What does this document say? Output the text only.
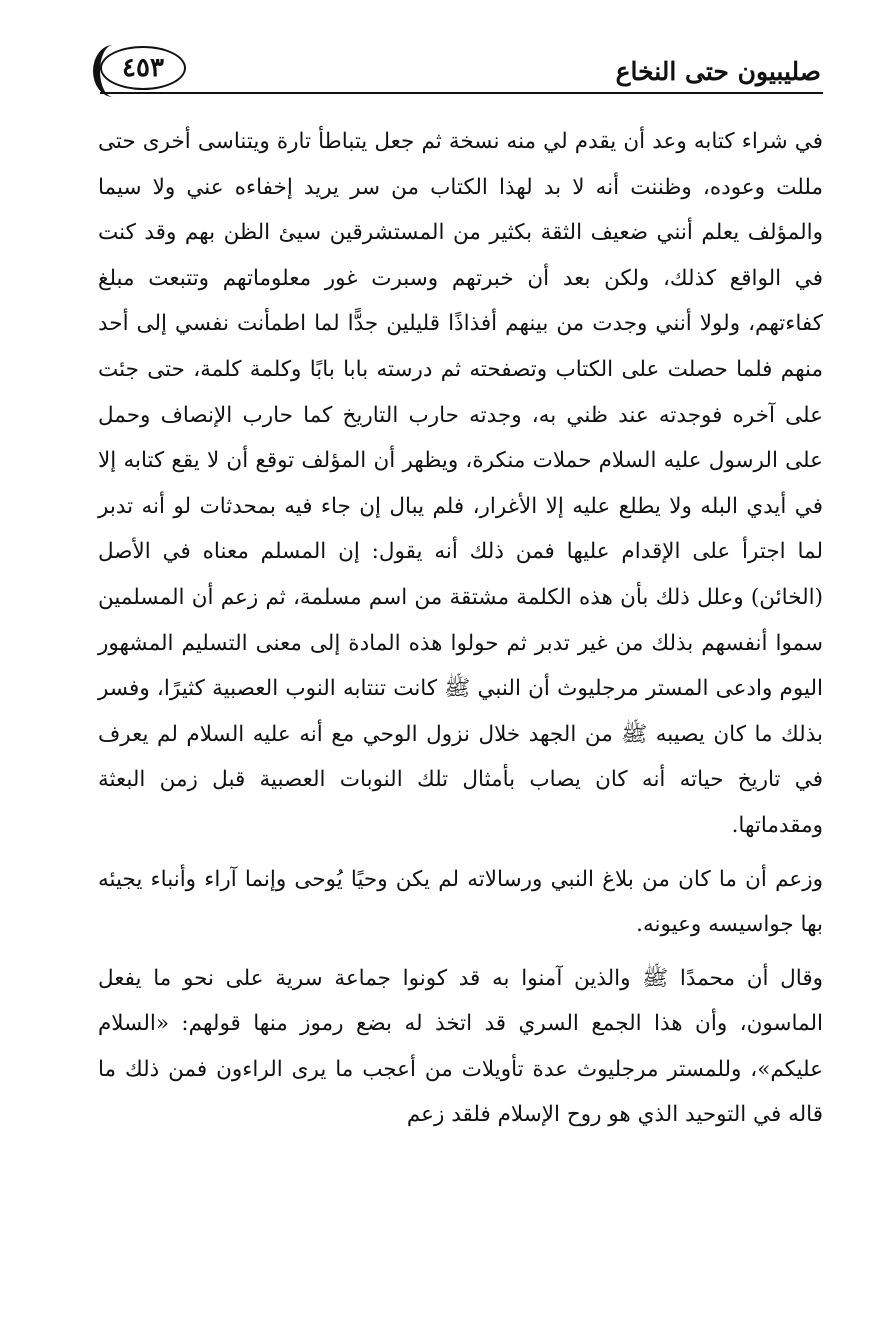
صليبيون حتى النخاع
٤٥٣

في شراء كتابه وعد أن يقدم لي منه نسخة ثم جعل يتباطأ تارة ويتناسى أخرى حتى مللت وعوده، وظننت أنه لا بد لهذا الكتاب من سر يريد إخفاءه عني ولا سيما والمؤلف يعلم أنني ضعيف الثقة بكثير من المستشرقين سيئ الظن بهم وقد كنت في الواقع كذلك، ولكن بعد أن خبرتهم وسبرت غور معلوماتهم وتتبعت مبلغ كفاءتهم، ولولا أنني وجدت من بينهم أفذاذًا قليلين جدًّا لما اطمأنت نفسي إلى أحد منهم فلما حصلت على الكتاب وتصفحته ثم درسته بابا بابًا وكلمة كلمة، حتى جئت على آخره فوجدته عند ظني به، وجدته حارب التاريخ كما حارب الإنصاف وحمل على الرسول عليه السلام حملات منكرة، ويظهر أن المؤلف توقع أن لا يقع كتابه إلا في أيدي البله ولا يطلع عليه إلا الأغرار، فلم يبال إن جاء فيه بمحدثات لو أنه تدبر لما اجترأ على الإقدام عليها فمن ذلك أنه يقول: إن المسلم معناه في الأصل (الخائن) وعلل ذلك بأن هذه الكلمة مشتقة من اسم مسلمة، ثم زعم أن المسلمين سموا أنفسهم بذلك من غير تدبر ثم حولوا هذه المادة إلى معنى التسليم المشهور اليوم وادعى المستر مرجليوث أن النبي ﷺ كانت تنتابه النوب العصبية كثيرًا، وفسر بذلك ما كان يصيبه ﷺ من الجهد خلال نزول الوحي مع أنه عليه السلام لم يعرف في تاريخ حياته أنه كان يصاب بأمثال تلك النوبات العصبية قبل زمن البعثة ومقدماتها.

وزعم أن ما كان من بلاغ النبي ورسالاته لم يكن وحيًا يُوحى وإنما آراء وأنباء يجيئه بها جواسيسه وعيونه.

وقال أن محمدًا ﷺ والذين آمنوا به قد كونوا جماعة سرية على نحو ما يفعل الماسون، وأن هذا الجمع السري قد اتخذ له بضع رموز منها قولهم: «السلام عليكم»، وللمستر مرجليوث عدة تأويلات من أعجب ما يرى الراءون فمن ذلك ما قاله في التوحيد الذي هو روح الإسلام فلقد زعم
